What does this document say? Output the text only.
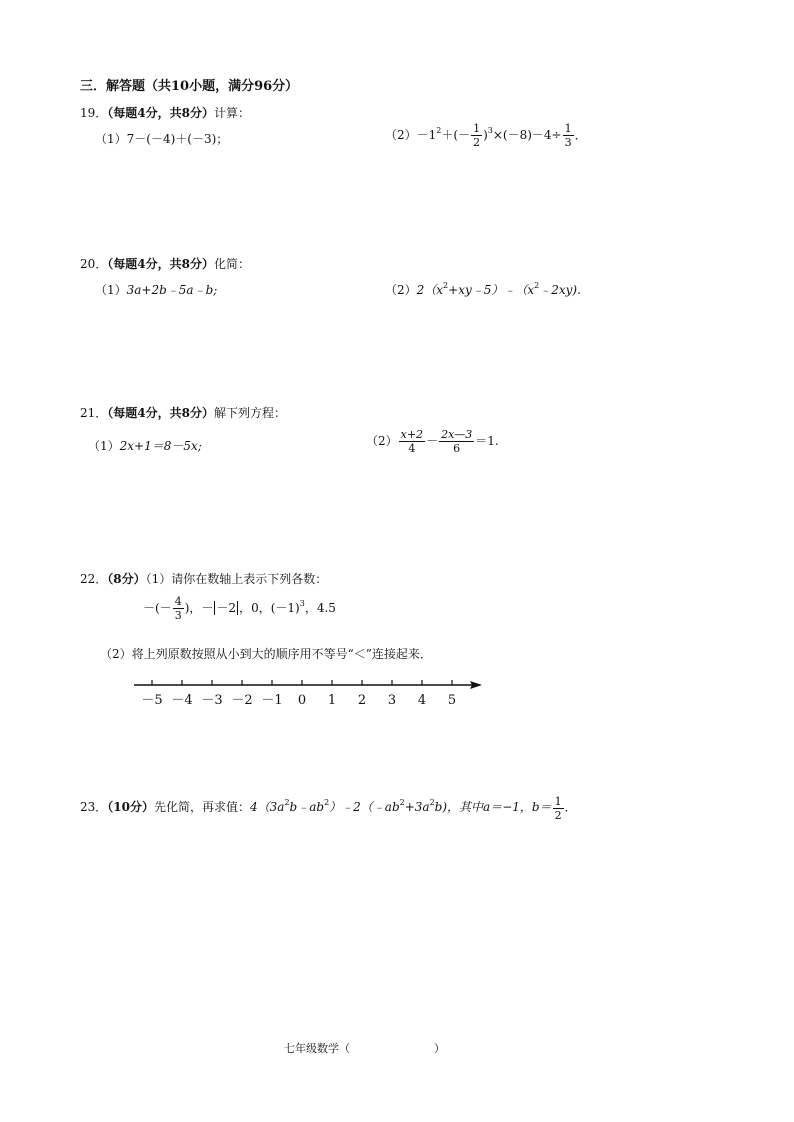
三．解答题（共10小题，满分96分）
19．（每题4分，共8分）计算：
（1）7－(－4)＋(－3)；	$(2)-1^2+(- \frac{1}{2} )^3\times(-8)-4\div \frac{1}{3}$ ．
20．（每题4分，共8分）化简：
（1）3a+2b﹣5a﹣b;	$(2)2(x^2+xy﹣5)﹣(x^2﹣2xy)$.
21．（每题4分，共8分）解下列方程：
（1）2x+1＝8－5x;	$(2) \frac{x+2}{4} - \frac{2x—3}{6} =1$.
22．（8分）（1）请你在数轴上表示下列各数：
－(－ $\frac{4}{3}$ )，－ －2 ，0，$(-1)^3$，4.5
（2）将上列原数按照从小到大的顺序用不等号“＜”连接起来．
－5 －4 －3 －2 －1	0	1	2	3	4	5
23．（10分）先化简，再求值：$4(3a^2b﹣ab^2)﹣2(﹣ab^2+3a^2b)$，其中a＝−1，$b= \frac{1}{2}$ ．
七年级数学（	）
